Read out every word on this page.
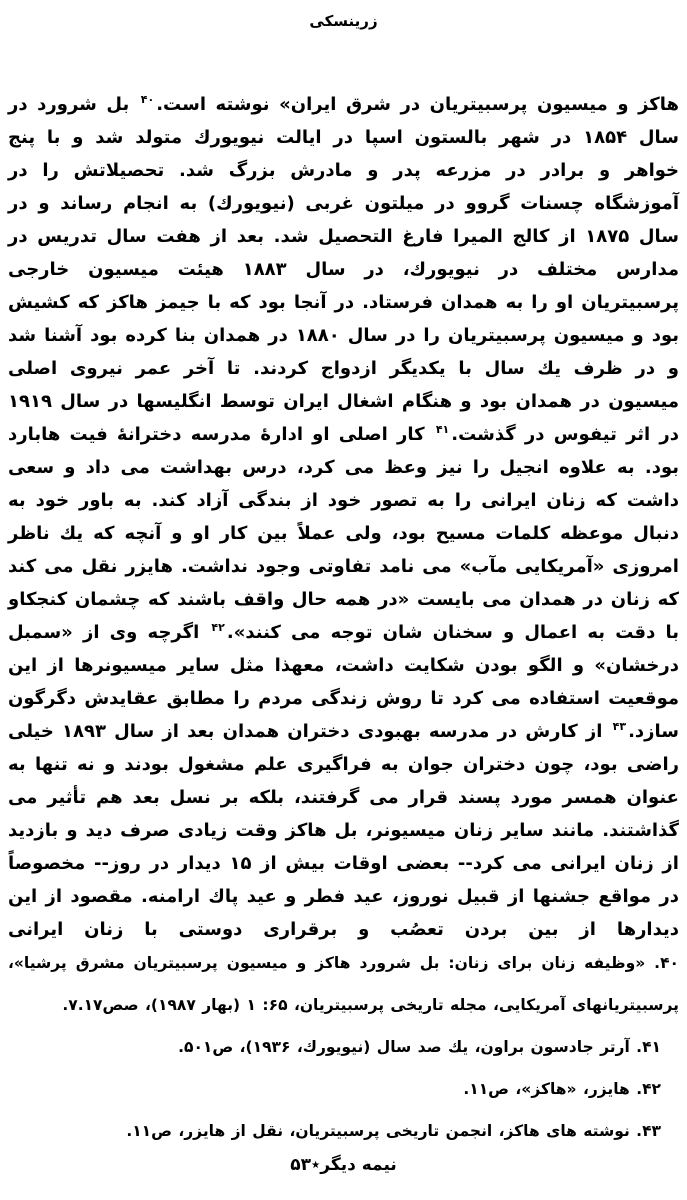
زرينسكى
هاكز و ميسيون پرسبيتريان در شرق ايران» نوشته است.$^{۴۰}$ بل شرورد در سال ۱۸۵۴ در شهر بالستون اسپا در ايالت نيويورك متولد شد و با پنج خواهر و برادر در مزرعه پدر و مادرش بزرگ شد. تحصيلاتش را در آموزشگاه چسنات گروو در ميلتون غربى (نيويورك) به انجام رساند و در سال ۱۸۷۵ از كالج الميرا فارغ التحصيل شد. بعد از هفت سال تدريس در مدارس مختلف در نيويورك، در سال ۱۸۸۳ هيئت ميسيون خارجى پرسبيتريان او را به همدان فرستاد. در آنجا بود كه با جيمز هاكز كه كشيش بود و ميسيون پرسبيتريان را در سال ۱۸۸۰ در همدان بنا كرده بود آشنا شد و در ظرف يك سال با يكديگر ازدواج كردند. تا آخر عمر نيروى اصلى ميسيون در همدان بود و هنگام اشغال ايران توسط انگليسها در سال ۱۹۱۹ در اثر تيفوس در گذشت.$^{۴۱}$ كار اصلى او ادارهٔ مدرسه دخترانهٔ فيت هابارد بود. به علاوه انجيل را نيز وعظ مى كرد، درس بهداشت مى داد و سعى داشت كه زنان ايرانى را به تصور خود از بندگى آزاد كند. به باور خود به دنبال موعظه كلمات مسيح بود، ولى عملاً بين كار او و آنچه كه يك ناظر امروزى «آمريكايى مآب» مى نامد تفاوتى وجود نداشت. هايزر نقل مى كند كه زنان در همدان مى بايست «در همه حال واقف باشند كه چشمان كنجكاو با دقت به اعمال و سخنان شان توجه مى كنند».$^{۴۲}$ اگرچه وى از «سمبل درخشان» و الگو بودن شكايت داشت، معهذا مثل ساير ميسيونرها از اين موقعيت استفاده مى كرد تا روش زندگى مردم را مطابق عقايدش دگرگون سازد.$^{۴۳}$ از كارش در مدرسه بهبودى دختران همدان بعد از سال ۱۸۹۳ خيلى راضى بود، چون دختران جوان به فراگيرى علم مشغول بودند و نه تنها به عنوان همسر مورد پسند قرار مى گرفتند، بلكه بر نسل بعد هم تأثير مى گذاشتند. مانند ساير زنان ميسيونر، بل هاكز وقت زيادى صرف ديد و بازديد از زنان ايرانى مى كرد-- بعضى اوقات بيش از ۱۵ ديدار در روز-- مخصوصاً در مواقع جشنها از قبيل نوروز، عيد فطر و عيد پاك ارامنه. مقصود از اين ديدارها از بين بردن تعصُب و برقرارى دوستى با زنان ايرانى
۴۰. «وظيفه زنان براى زنان: بل شرورد هاكز و ميسيون پرسبيتريان مشرق پرشيا»، پرسبيتريانهاى آمريكايى، مجله تاريخى پرسبيتريان، ۶۵: ۱ (بهار ۱۹۸۷)، صص۷.۱۷.
۴۱. آرتر جادسون براون، يك صد سال (نيويورك، ۱۹۳۶)، ص۵۰۱.
۴۲. هايزر، «هاكز»، ص۱۱.
۴۳. نوشته هاى هاكز، انجمن تاريخى پرسبيتريان، نقل از هايزر، ص۱۱.
نيمه ديگر٭۵۳
